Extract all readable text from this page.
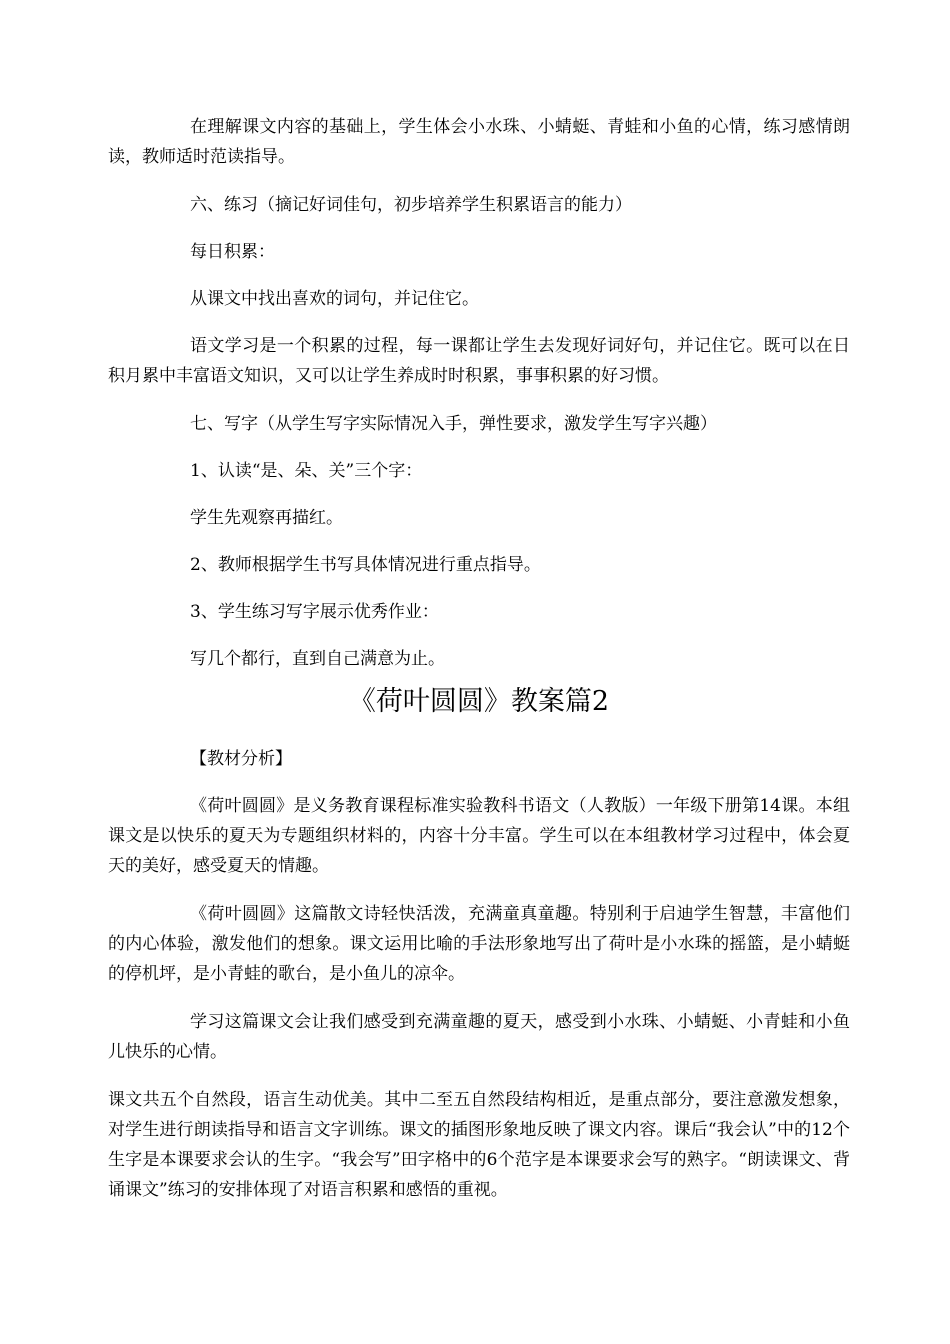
在理解课文内容的基础上，学生体会小水珠、小蜻蜓、青蛙和小鱼的心情，练习感情朗读，教师适时范读指导。

六、练习（摘记好词佳句，初步培养学生积累语言的能力）

每日积累：

从课文中找出喜欢的词句，并记住它。

语文学习是一个积累的过程，每一课都让学生去发现好词好句，并记住它。既可以在日积月累中丰富语文知识，又可以让学生养成时时积累，事事积累的好习惯。

七、写字（从学生写字实际情况入手，弹性要求，激发学生写字兴趣）

1、认读“是、朵、关”三个字：

学生先观察再描红。

2、教师根据学生书写具体情况进行重点指导。

3、学生练习写字展示优秀作业：

写几个都行，直到自己满意为止。

《荷叶圆圆》教案篇2

【教材分析】

《荷叶圆圆》是义务教育课程标准实验教科书语文（人教版）一年级下册第14课。本组课文是以快乐的夏天为专题组织材料的，内容十分丰富。学生可以在本组教材学习过程中，体会夏天的美好，感受夏天的情趣。

《荷叶圆圆》这篇散文诗轻快活泼，充满童真童趣。特别利于启迪学生智慧，丰富他们的内心体验，激发他们的想象。课文运用比喻的手法形象地写出了荷叶是小水珠的摇篮，是小蜻蜓的停机坪，是小青蛙的歌台，是小鱼儿的凉伞。

学习这篇课文会让我们感受到充满童趣的夏天，感受到小水珠、小蜻蜓、小青蛙和小鱼儿快乐的心情。

课文共五个自然段，语言生动优美。其中二至五自然段结构相近，是重点部分，要注意激发想象，对学生进行朗读指导和语言文字训练。课文的插图形象地反映了课文内容。课后“我会认”中的12个生字是本课要求会认的生字。“我会写”田字格中的6个范字是本课要求会写的熟字。“朗读课文、背诵课文”练习的安排体现了对语言积累和感悟的重视。
